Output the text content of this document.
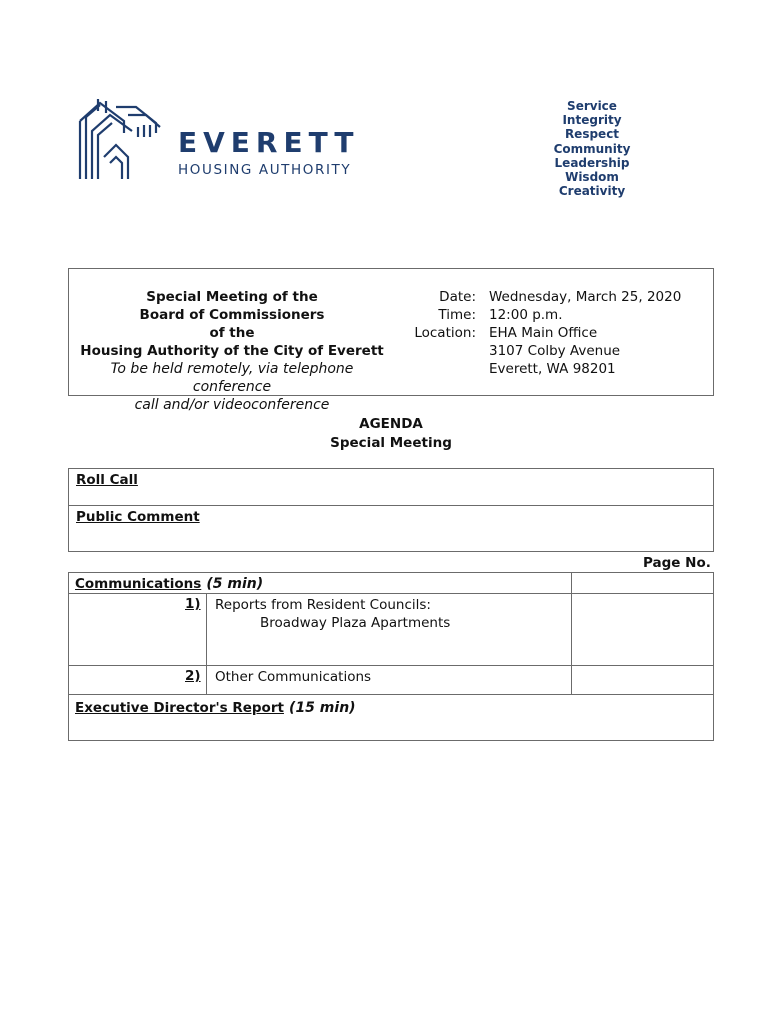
EVERETT
HOUSING AUTHORITY
Service
Integrity
Respect
Community
Leadership
Wisdom
Creativity
Special Meeting of the
Board of Commissioners
of the
Housing Authority of the City of Everett
To be held remotely, via telephone conference
call and/or videoconference
Date:
Time:
Location:
Wednesday, March 25, 2020
12:00 p.m.
EHA Main Office
3107 Colby Avenue
Everett, WA 98201
AGENDA
Special Meeting
Roll Call
Public Comment
Page No.
Communications (5 min)
1) Reports from Resident Councils:
Broadway Plaza Apartments
2) Other Communications
Executive Director's Report (15 min)
